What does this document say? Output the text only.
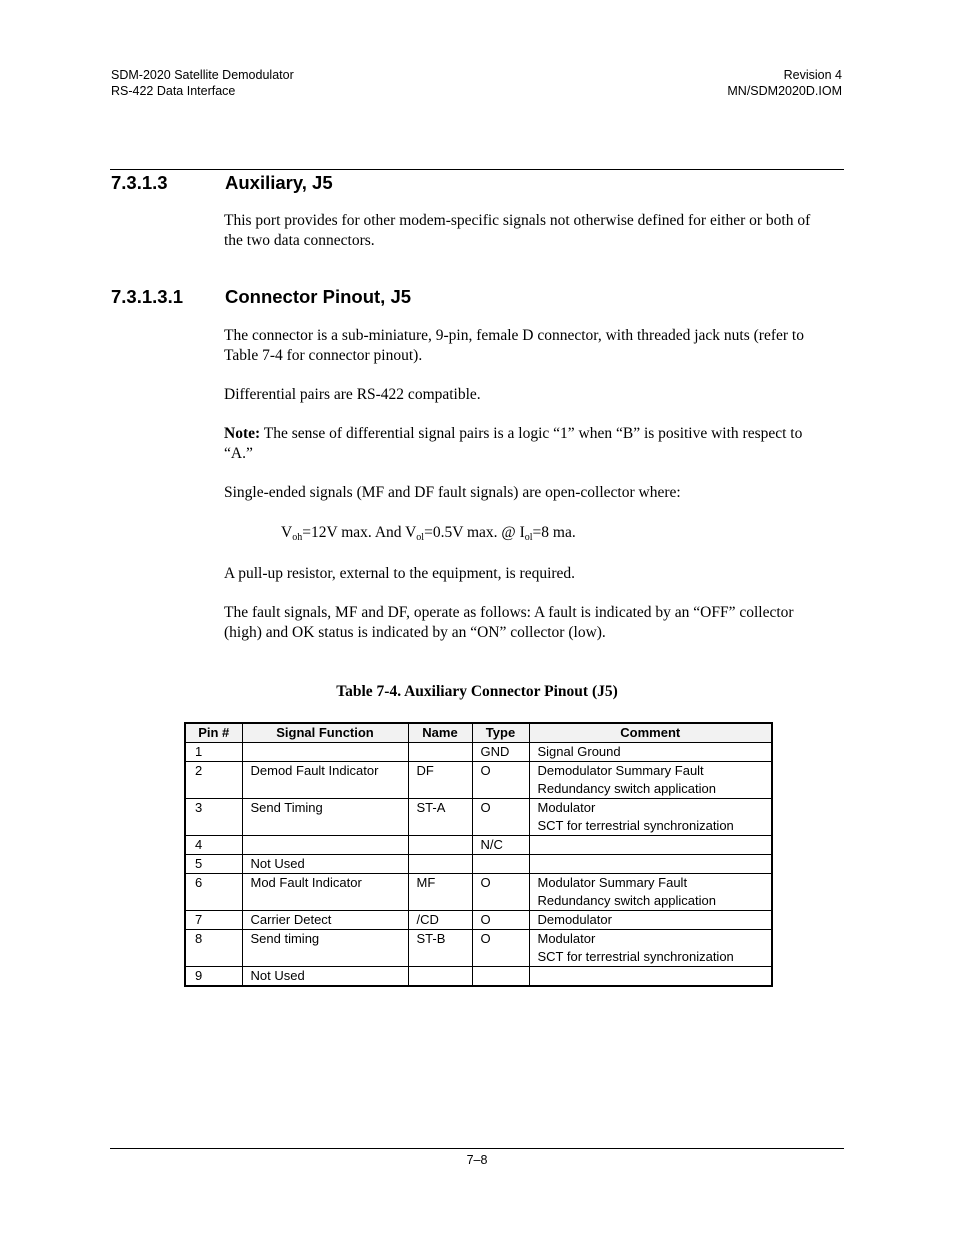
SDM-2020 Satellite Demodulator
RS-422 Data Interface
Revision 4
MN/SDM2020D.IOM
7.3.1.3	Auxiliary, J5
This port provides for other modem-specific signals not otherwise defined for either or both of the two data connectors.
7.3.1.3.1 Connector Pinout, J5
The connector is a sub-miniature, 9-pin, female D connector, with threaded jack nuts (refer to Table 7-4 for connector pinout).
Differential pairs are RS-422 compatible.
Note: The sense of differential signal pairs is a logic “1” when “B” is positive with respect to “A.”
Single-ended signals (MF and DF fault signals) are open-collector where:
$V_{oh}=12V$ max. And $V_{ol}=0.5V$ max. @ $I_{ol}=8$ ma.
A pull-up resistor, external to the equipment, is required.
The fault signals, MF and DF, operate as follows: A fault is indicated by an “OFF” collector (high) and OK status is indicated by an “ON” collector (low).
Table 7-4. Auxiliary Connector Pinout (J5)
Pin #	Signal Function	Name	Type	Comment
1			GND	Signal Ground

2	Demod Fault Indicator	DF	O	Demodulator Summary Fault
Redundancy switch application

3	Send Timing	ST-A	O	Modulator
SCT for terrestrial synchronization

4			N/C	

5	Not Used			

6	Mod Fault Indicator	MF	O	Modulator Summary Fault
Redundancy switch application

7	Carrier Detect	/CD	O	Demodulator

8	Send timing	ST-B	O	Modulator
SCT for terrestrial synchronization

9	Not Used			

7–8
